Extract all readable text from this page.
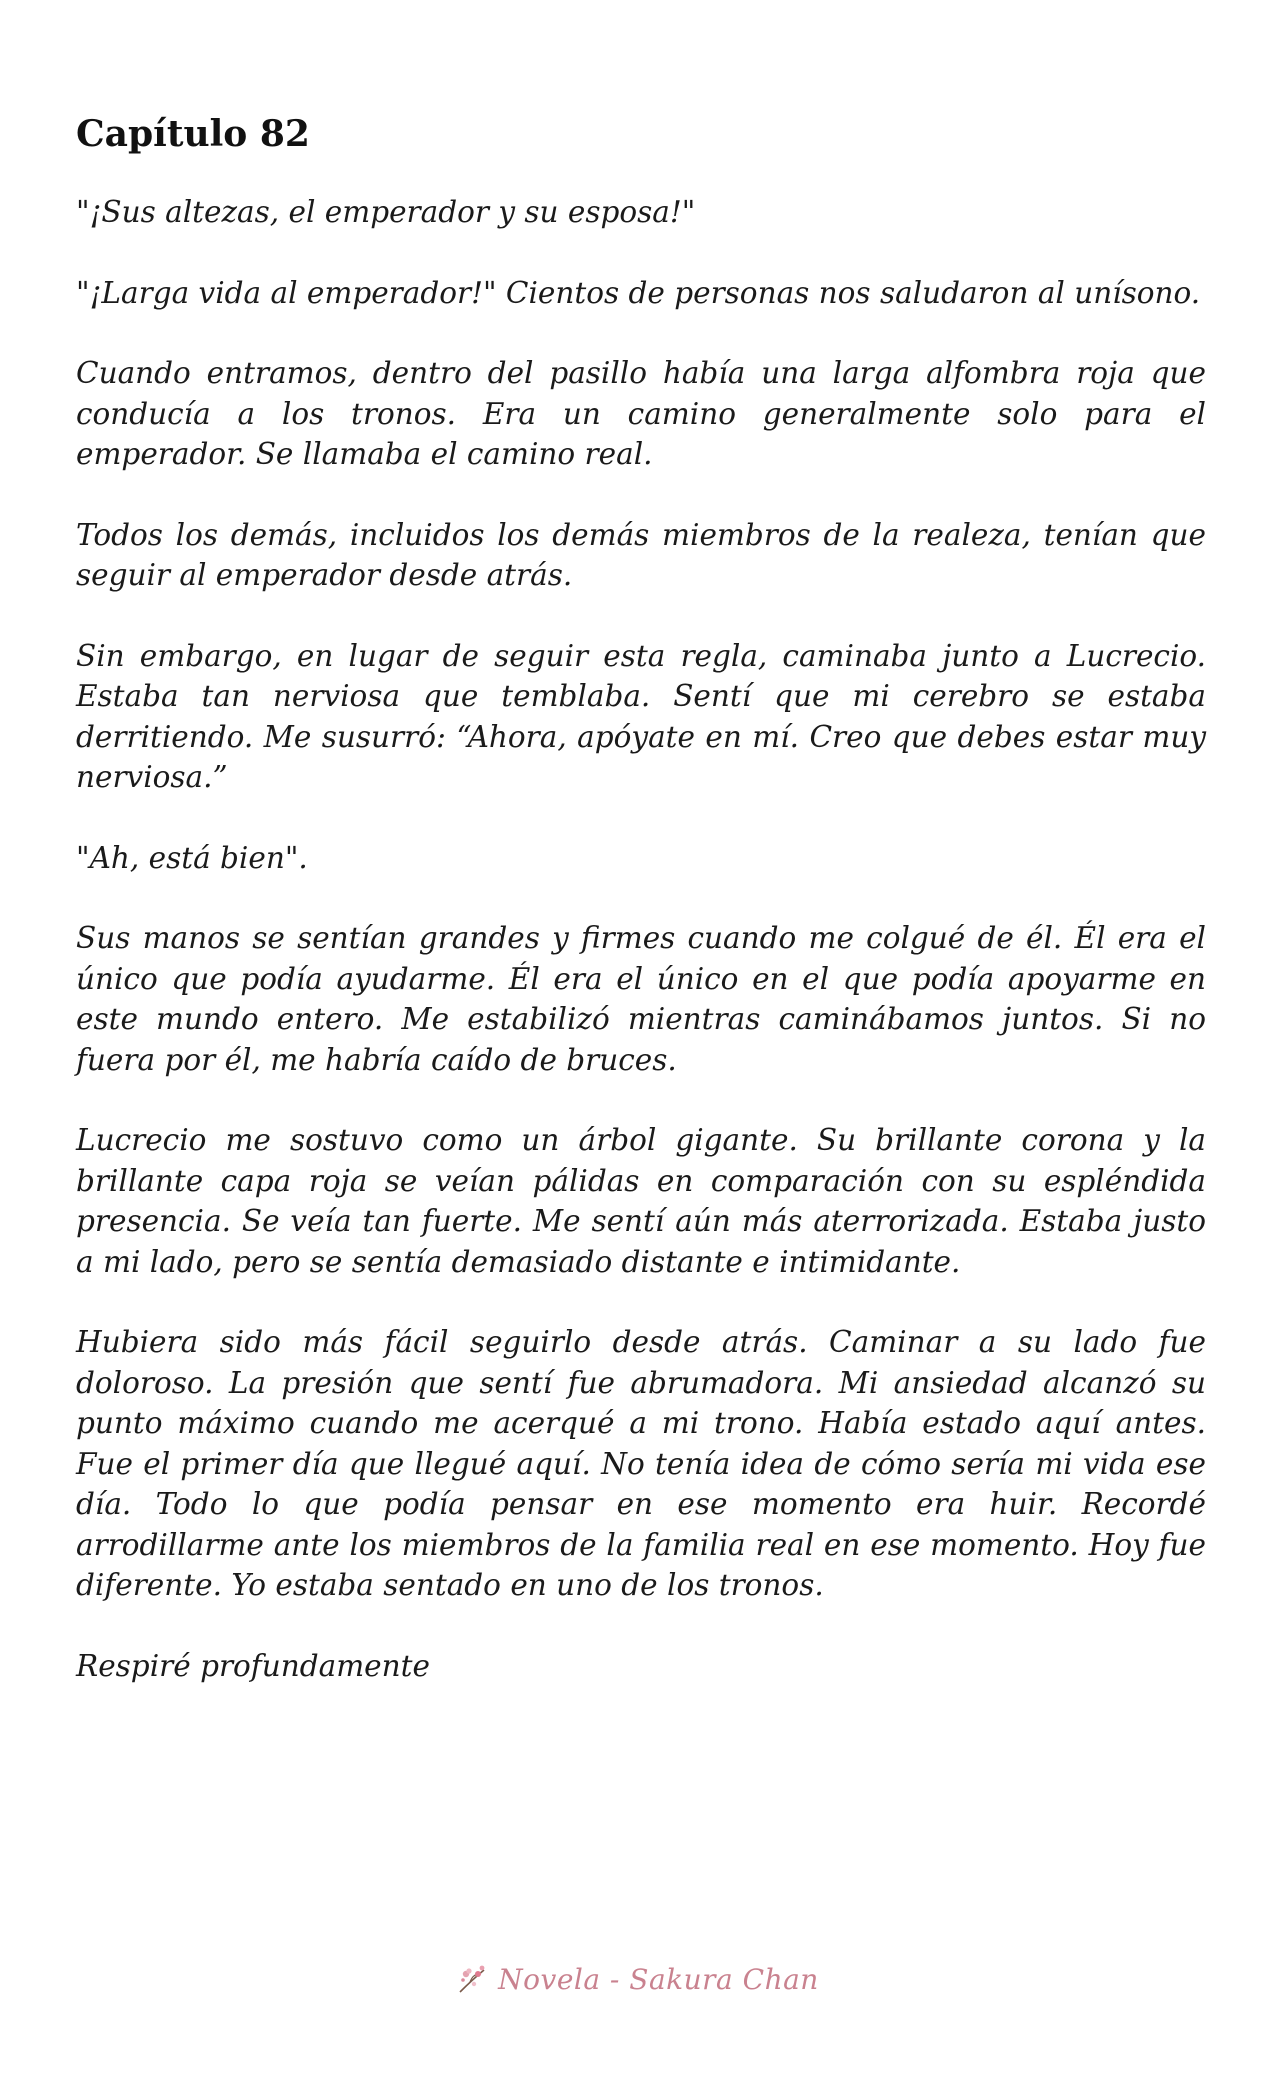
Capítulo 82

"¡Sus altezas, el emperador y su esposa!"

"¡Larga vida al emperador!" Cientos de personas nos saludaron al unísono.

Cuando entramos, dentro del pasillo había una larga alfombra roja que conducía a los tronos. Era un camino generalmente solo para el emperador. Se llamaba el camino real.

Todos los demás, incluidos los demás miembros de la realeza, tenían que seguir al emperador desde atrás.

Sin embargo, en lugar de seguir esta regla, caminaba junto a Lucrecio. Estaba tan nerviosa que temblaba. Sentí que mi cerebro se estaba derritiendo. Me susurró: “Ahora, apóyate en mí. Creo que debes estar muy nerviosa.”

"Ah, está bien".

Sus manos se sentían grandes y firmes cuando me colgué de él. Él era el único que podía ayudarme. Él era el único en el que podía apoyarme en este mundo entero. Me estabilizó mientras caminábamos juntos. Si no fuera por él, me habría caído de bruces.

Lucrecio me sostuvo como un árbol gigante. Su brillante corona y la brillante capa roja se veían pálidas en comparación con su espléndida presencia. Se veía tan fuerte. Me sentí aún más aterrorizada. Estaba justo a mi lado, pero se sentía demasiado distante e intimidante.

Hubiera sido más fácil seguirlo desde atrás. Caminar a su lado fue doloroso. La presión que sentí fue abrumadora. Mi ansiedad alcanzó su punto máximo cuando me acerqué a mi trono. Había estado aquí antes. Fue el primer día que llegué aquí. No tenía idea de cómo sería mi vida ese día. Todo lo que podía pensar en ese momento era huir. Recordé arrodillarme ante los miembros de la familia real en ese momento. Hoy fue diferente. Yo estaba sentado en uno de los tronos.

Respiré profundamente

Novela - Sakura Chan
